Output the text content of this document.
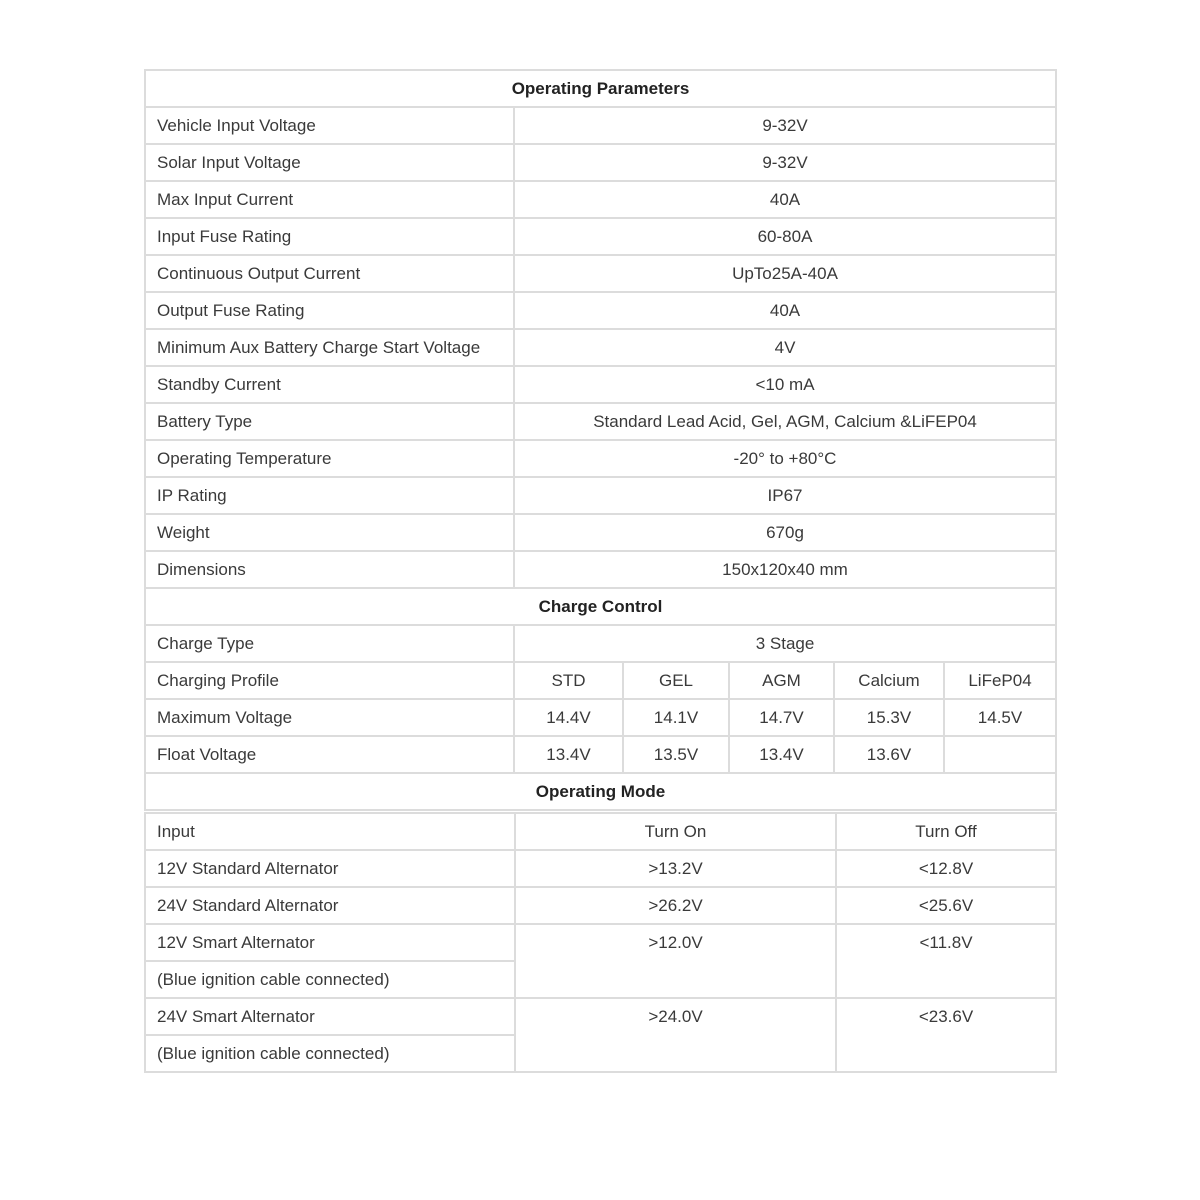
Operating Parameters					
Vehicle Input Voltage	9-32V				
Solar Input Voltage	9-32V				
Max Input Current	40A				
Input Fuse Rating	60-80A				
Continuous Output Current	UpTo25A-40A				
Output Fuse Rating	40A				
Minimum Aux Battery Charge Start Voltage	4V				
Standby Current	<10 mA				
Battery Type	Standard Lead Acid, Gel, AGM, Calcium &LiFEP04				
Operating Temperature	-20° to +80°C				
IP Rating	IP67				
Weight	670g				
Dimensions	150x120x40 mm				
Charge Control					
Charge Type	3 Stage				
Charging Profile	STD	GEL	AGM	Calcium	LiFeP04
Maximum Voltage	14.4V	14.1V	14.7V	15.3V	14.5V
Float Voltage	13.4V	13.5V	13.4V	13.6V	
Operating Mode					
Input	Turn On	Turn Off
12V Standard Alternator	>13.2V	<12.8V
24V Standard Alternator	>26.2V	<25.6V
12V Smart Alternator	>12.0V	<11.8V
(Blue ignition cable connected)		
24V Smart Alternator	>24.0V	<23.6V
(Blue ignition cable connected)		
